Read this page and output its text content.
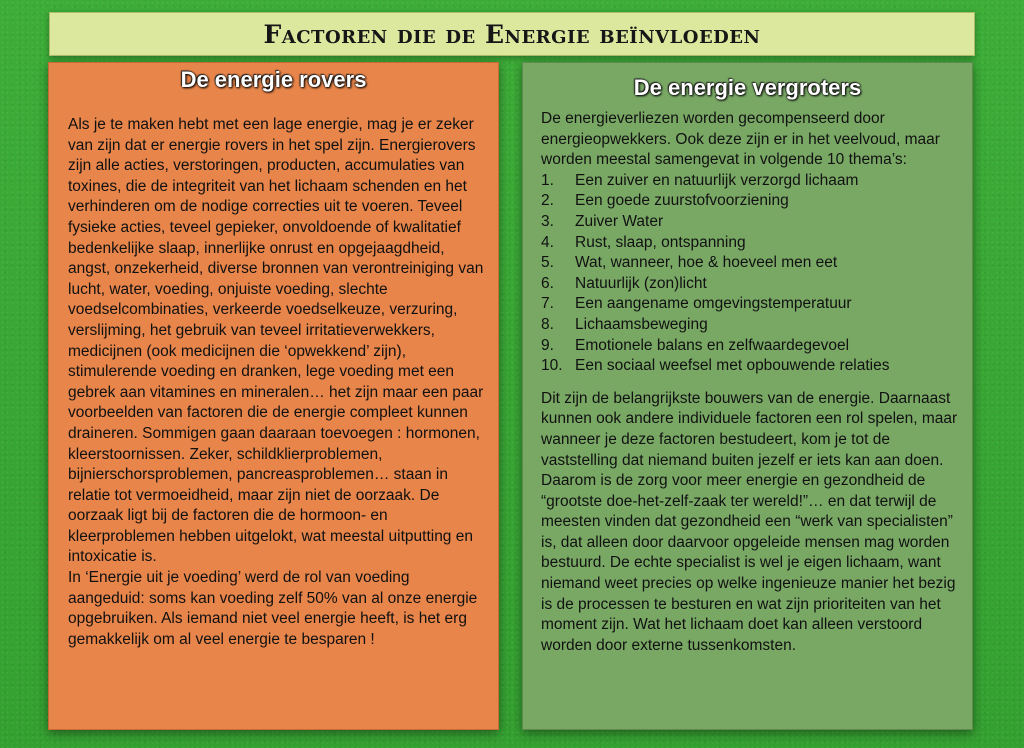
Factoren die de Energie beïnvloeden
De energie rovers

Als je te maken hebt met een lage energie, mag je er zeker van zijn dat er energie rovers in het spel zijn. Energierovers zijn alle acties, verstoringen, producten, accumulaties van toxines, die de integriteit van het lichaam schenden en het verhinderen om de nodige correcties uit te voeren. Teveel fysieke acties, teveel gepieker, onvoldoende of kwalitatief bedenkelijke slaap, innerlijke onrust en opgejaagdheid, angst, onzekerheid, diverse bronnen van verontreiniging van lucht, water, voeding, onjuiste voeding, slechte voedselcombinaties, verkeerde voedselkeuze, verzuring, verslijming, het gebruik van teveel irritatieverwekkers, medicijnen (ook medicijnen die ‘opwekkend’ zijn), stimulerende voeding en dranken, lege voeding met een gebrek aan vitamines en mineralen… het zijn maar een paar voorbeelden van factoren die de energie compleet kunnen draineren. Sommigen gaan daaraan toevoegen : hormonen, kleerstoornissen. Zeker, schildklierproblemen, bijnierschorsproblemen, pancreasproblemen… staan in relatie tot vermoeidheid, maar zijn niet de oorzaak. De oorzaak ligt bij de factoren die de hormoon- en kleerproblemen hebben uitgelokt, wat meestal uitputting en intoxicatie is.

In ‘Energie uit je voeding’ werd de rol van voeding aangeduid: soms kan voeding zelf 50% van al onze energie opgebruiken. Als iemand niet veel energie heeft, is het erg gemakkelijk om al veel energie te besparen !

De energie vergroters

De energieverliezen worden gecompenseerd door energieopwekkers. Ook deze zijn er in het veelvoud, maar worden meestal samengevat in volgende 10 thema’s:

1. Een zuiver en natuurlijk verzorgd lichaam
2. Een goede zuurstofvoorziening
3. Zuiver Water
4. Rust, slaap, ontspanning
5. Wat, wanneer, hoe & hoeveel men eet
6. Natuurlijk (zon)licht
7. Een aangename omgevingstemperatuur
8. Lichaamsbeweging
9. Emotionele balans en zelfwaardegevoel
10. Een sociaal weefsel met opbouwende relaties

Dit zijn de belangrijkste bouwers van de energie. Daarnaast kunnen ook andere individuele factoren een rol spelen, maar wanneer je deze factoren bestudeert, kom je tot de vaststelling dat niemand buiten jezelf er iets kan aan doen. Daarom is de zorg voor meer energie en gezondheid de “grootste doe-het-zelf-zaak ter wereld!”… en dat terwijl de meesten vinden dat gezondheid een “werk van specialisten” is, dat alleen door daarvoor opgeleide mensen mag worden bestuurd. De echte specialist is wel je eigen lichaam, want niemand weet precies op welke ingenieuze manier het bezig is de processen te besturen en wat zijn prioriteiten van het moment zijn. Wat het lichaam doet kan alleen verstoord worden door externe tussenkomsten.
